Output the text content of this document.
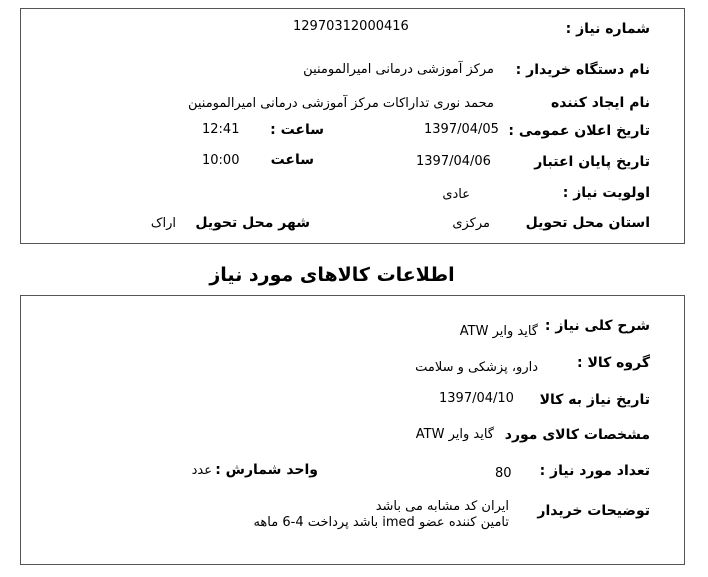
شماره نیاز :
12970312000416
نام دستگاه خریدار :
مرکز آموزشی درمانی امیرالمومنین
نام ایجاد کننده
محمد نوری تداراکات مرکز آموزشی درمانی امیرالمومنین
تاریخ اعلان عمومی :
1397/04/05
ساعت :
12:41
تاریخ پایان اعتبار
1397/04/06
ساعت
10:00
اولویت نیاز :
عادی
استان محل تحویل
مرکزی
شهر محل تحویل
اراک
اطلاعات کالاهای مورد نیاز
شرح کلی نیاز :
گاید وایر ATW
گروه کالا :
دارو، پزشکی و سلامت
تاریخ نیاز به کالا
1397/04/10
مشخصات کالای مورد
گاید وایر ATW
تعداد مورد نیاز :
80
واحد شمارش :
عدد
توضیحات خریدار
ایران کد مشابه می باشد
تامین کننده عضو imed باشد پرداخت 4-6 ماهه
